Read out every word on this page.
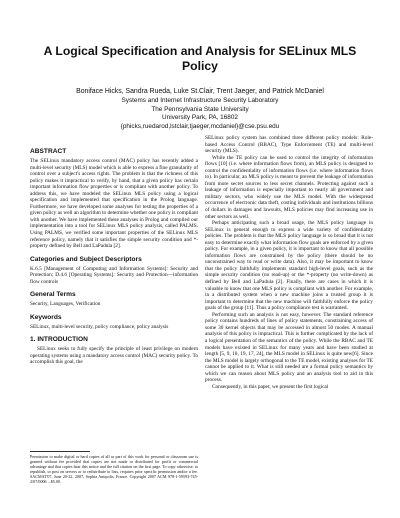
A Logical Specification and Analysis for SELinux MLS
Policy
Boniface Hicks, Sandra Rueda, Luke St.Clair, Trent Jaeger, and Patrick McDaniel
Systems and Internet Infrastructure Security Laboratory
The Pennsylvania State University
University Park, PA, 16802
{phicks,ruedarod,lstclair,tjaeger,mcdaniel}@cse.psu.edu
ABSTRACT

The SELinux mandatory access control (MAC) policy has recently added a multi-level security (MLS) model which is able to express a fine granularity of control over a subject's access rights. The problem is that the richness of this policy makes it impractical to verify, by hand, that a given policy has certain important information flow properties or is compliant with another policy. To address this, we have modeled the SELinux MLS policy using a logical specification and implemented that specification in the Prolog language. Furthermore, we have developed some analyses for testing the properties of a given policy as well an algorithm to determine whether one policy is compliant with another. We have implemented these analyses in Prolog and compiled our implementation into a tool for SELinux MLS policy analysis, called PALMS. Using PALMS, we verified some important properties of the SELinux MLS reference policy, namely that it satisfies the simple security condition and *-property defined by Bell and LaPadula [2].

Categories and Subject Descriptors

K.6.5 [Management of Computing and Information Systems]: Security and Protection; D.4.6 [Operating Systems]: Security and Protection—information flow controls

General Terms

Security, Languages, Verification

Keywords

SELinux, multi-level security, policy compliance, policy analysis

1. INTRODUCTION

SELinux seeks to fully specify the principle of least privilege on modern operating systems using a mandatory access control (MAC) security policy. To accomplish this goal, the

Permission to make digital or hard copies of all or part of this work for personal or classroom use is granted without fee provided that copies are not made or distributed for profit or commercial advantage and that copies bear this notice and the full citation on the first page. To copy otherwise, to republish, to post on servers or to redistribute to lists, requires prior specific permission and/or a fee. SACMAT'07, June 20-22, 2007, Sophia Antipolis, France. Copyright 2007 ACM 978-1-59593-745-2/07/0006 ...$5.00.

SELinux policy system has combined three different policy models: Role-based Access Control (RBAC), Type Enforcement (TE) and multi-level security (MLS).

While the TE policy can be used to control the integrity of information flows [10] (i.e. where information flows from), an MLS policy is designed to control the confidentiality of information flows (i.e. where information flows to). In particular, an MLS policy is meant to prevent the leakage of information from more secret sources to less secret channels. Protecting against such a leakage of information is especially important to nearly all government and military sectors, who widely use the MLS model. With the widespread occurrence of electronic data theft, costing individuals and institutions billions of dollars in damages and lawsuits, MLS policies may find increasing use in other sectors as well.

Perhaps anticipating such a broad usage, the MLS policy language in SELinux is general enough to express a wide variety of confidentiality policies. The problem is that the MLS policy language is so broad that it is not easy to determine exactly what information flow goals are enforced by a given policy. For example, in a given policy, it is important to know that all possible information flows are constrained by the policy (there should be no unconstrained way to read or write data). Also, it may be important to know that the policy faithfully implements standard high-level goals, such as the simple security condition (no read-up) or the *-property (no write-down) as defined by Bell and LaPadula [2]. Finally, there are cases in which it is valuable to know that one MLS policy is compliant with another. For example, in a distributed system when a new machine joins a trusted group it is important to determine that the new machine will faithfully enforce the policy goals of the group [11]. Thus a policy compliance test is warranted.

Performing such an analysis is not easy, however. The standard reference policy contains hundreds of lines of policy statements, constraining access of some 30 kernel objects that may be accessed in almost 50 modes. A manual analysis of this policy is impractical. This is further complicated by the lack of a logical presentation of the semantics of the policy. While the RBAC and TE models have existed in SELinux for many years and have been studied at length [5, 9, 10, 19, 17, 24], the MLS model in SELinux is quite new[6]. Since the MLS model is largely orthogonal to the TE model, existing analyses for TE cannot be applied to it. What is still needed are a formal policy semantics by which we can reason about MLS policy and an analysis tool to aid in this process.

Consequently, in this paper, we present the first logical
